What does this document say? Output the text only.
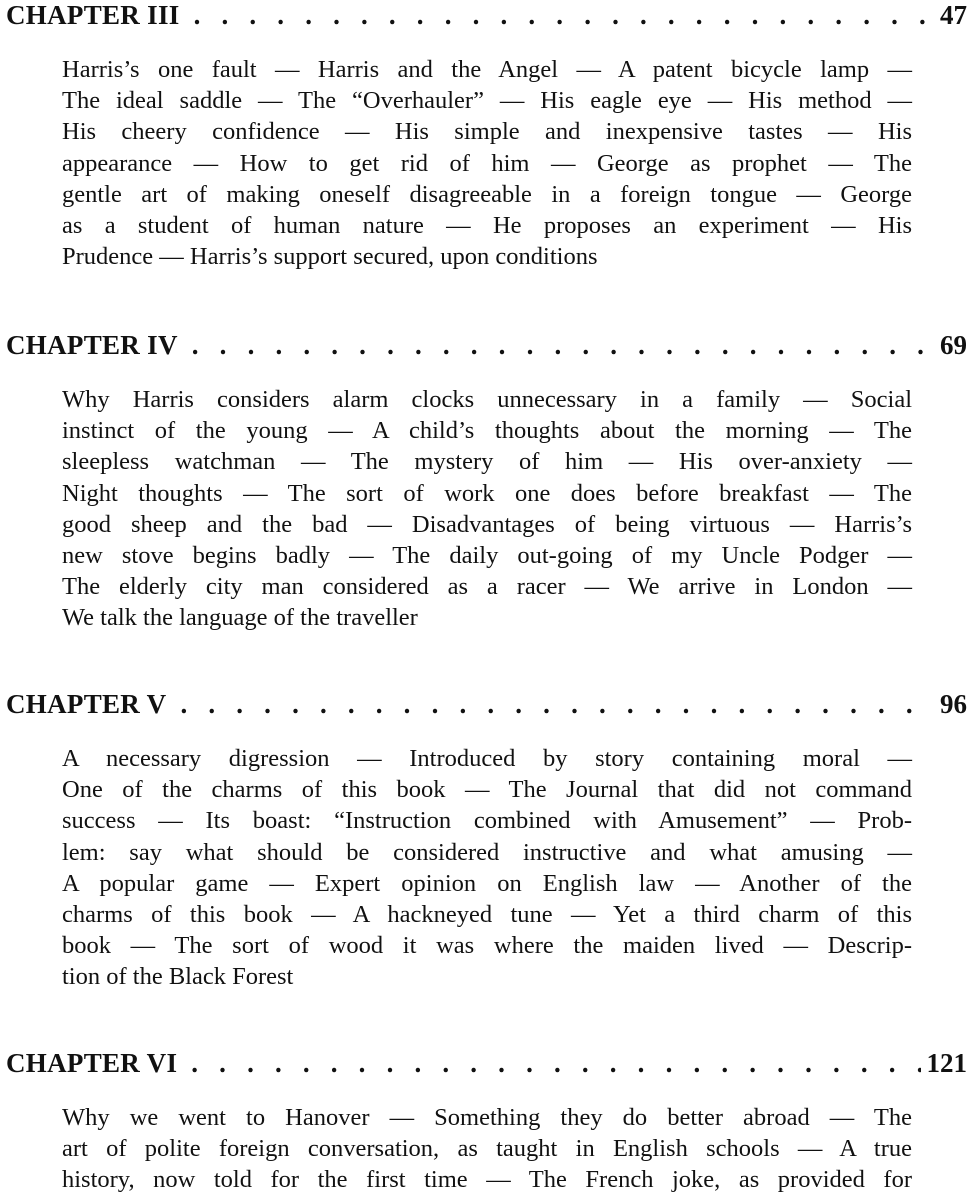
CHAPTER III . . .	47
Harris’s one fault — Harris and the Angel — A patent bicycle lamp —
The ideal saddle — The “Overhauler” — His eagle eye — His method —
His cheery confidence — His simple and inexpensive tastes — His
appearance — How to get rid of him — George as prophet — The
gentle art of making oneself disagreeable in a foreign tongue — George
as a student of human nature — He proposes an experiment — His
Prudence — Harris’s support secured, upon conditions
CHAPTER IV . . .	69
Why Harris considers alarm clocks unnecessary in a family — Social
instinct of the young — A child’s thoughts about the morning — The
sleepless watchman — The mystery of him — His over-anxiety —
Night thoughts — The sort of work one does before breakfast — The
good sheep and the bad — Disadvantages of being virtuous — Harris’s
new stove begins badly — The daily out-going of my Uncle Podger —
The elderly city man considered as a racer — We arrive in London —
We talk the language of the traveller
CHAPTER V . . .	96
A necessary digression — Introduced by story containing moral —
One of the charms of this book — The Journal that did not command
success — Its boast: “Instruction combined with Amusement” — Prob-
lem: say what should be considered instructive and what amusing —
A popular game — Expert opinion on English law — Another of the
charms of this book — A hackneyed tune — Yet a third charm of this
book — The sort of wood it was where the maiden lived — Descrip-
tion of the Black Forest
CHAPTER VI . . .	121
Why we went to Hanover — Something they do better abroad — The
art of polite foreign conversation, as taught in English schools — A true
history, now told for the first time — The French joke, as provided for
